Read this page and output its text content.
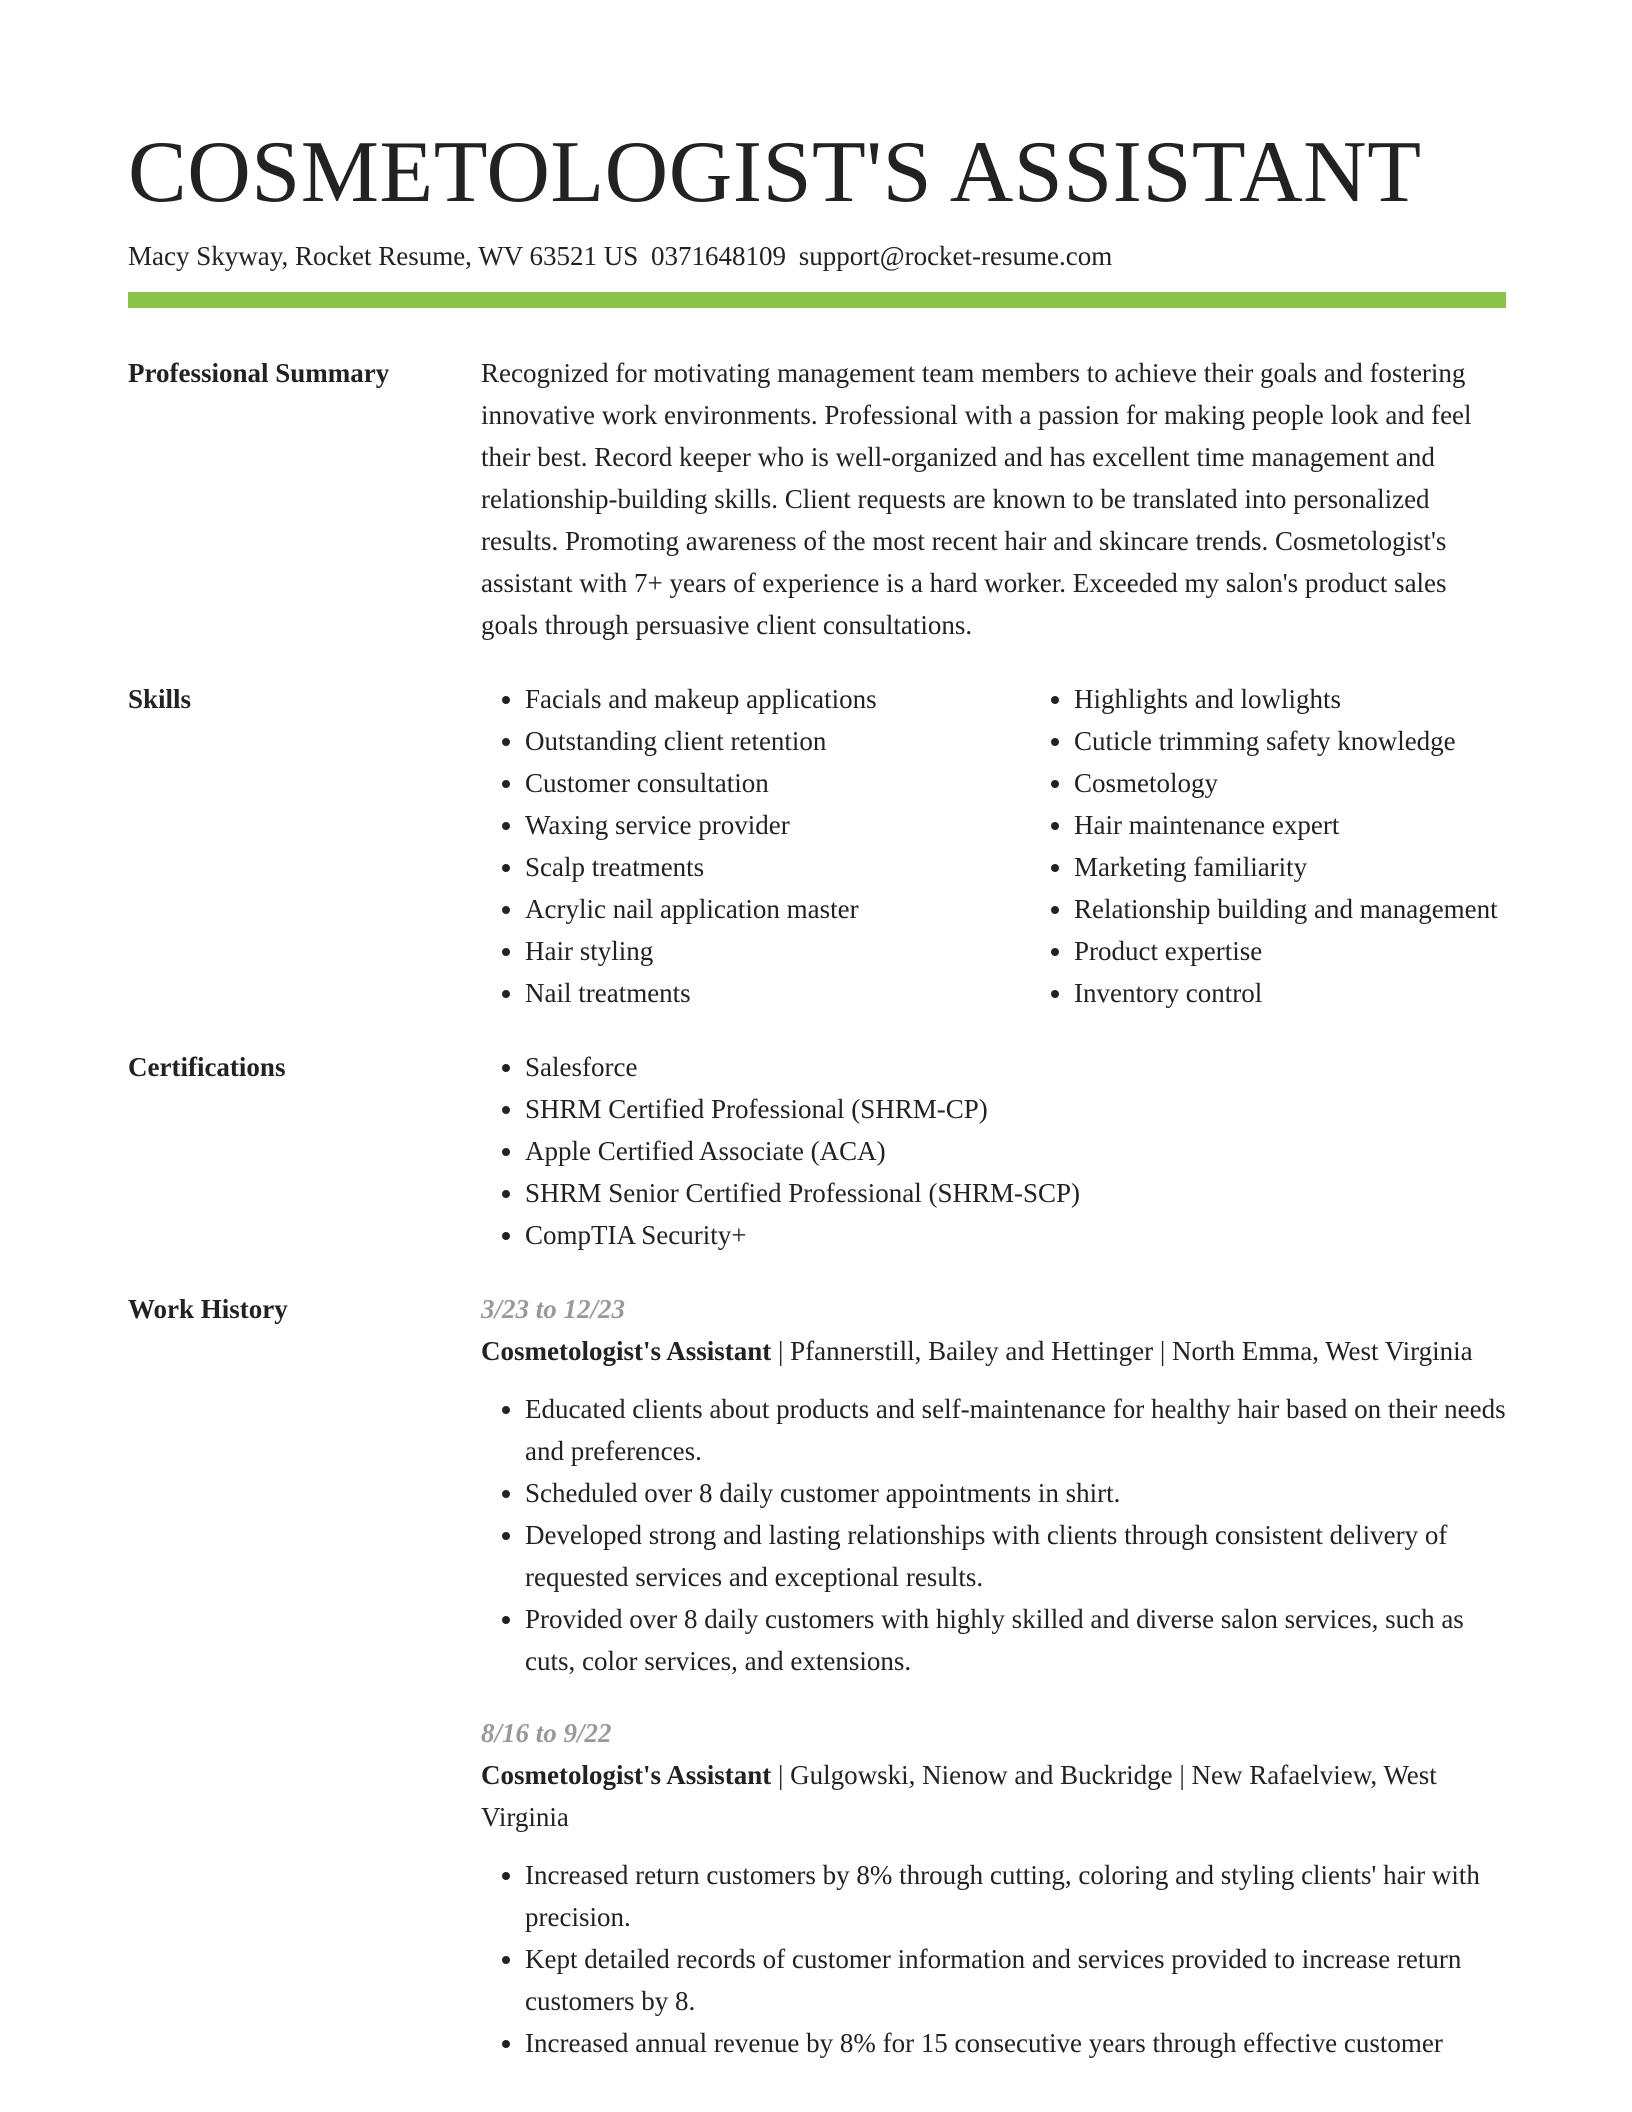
COSMETOLOGIST'S ASSISTANT
Macy Skyway, Rocket Resume, WV 63521 US 0371648109 support@rocket-resume.com
Professional Summary	Recognized for motivating management team members to achieve their goals and fostering innovative work environments. Professional with a passion for making people look and feel their best. Record keeper who is well-organized and has excellent time management and relationship-building skills. Client requests are known to be translated into personalized results. Promoting awareness of the most recent hair and skincare trends. Cosmetologist's assistant with 7+ years of experience is a hard worker. Exceeded my salon's product sales goals through persuasive client consultations.
Skills	• Facials and makeup applications
• Outstanding client retention
• Customer consultation
• Waxing service provider
• Scalp treatments
• Acrylic nail application master
• Hair styling
• Nail treatments
• Highlights and lowlights
• Cuticle trimming safety knowledge
• Cosmetology
• Hair maintenance expert
• Marketing familiarity
• Relationship building and management
• Product expertise
• Inventory control
Certifications	• Salesforce
• SHRM Certified Professional (SHRM-CP)
• Apple Certified Associate (ACA)
• SHRM Senior Certified Professional (SHRM-SCP)
• CompTIA Security+
Work History	3/23 to 12/23
Cosmetologist's Assistant | Pfannerstill, Bailey and Hettinger | North Emma, West Virginia
• Educated clients about products and self-maintenance for healthy hair based on their needs and preferences.
• Scheduled over 8 daily customer appointments in shirt.
• Developed strong and lasting relationships with clients through consistent delivery of requested services and exceptional results.
• Provided over 8 daily customers with highly skilled and diverse salon services, such as cuts, color services, and extensions.
8/16 to 9/22
Cosmetologist's Assistant | Gulgowski, Nienow and Buckridge | New Rafaelview, West Virginia
• Increased return customers by 8% through cutting, coloring and styling clients' hair with precision.
• Kept detailed records of customer information and services provided to increase return customers by 8.
• Increased annual revenue by 8% for 15 consecutive years through effective customer
